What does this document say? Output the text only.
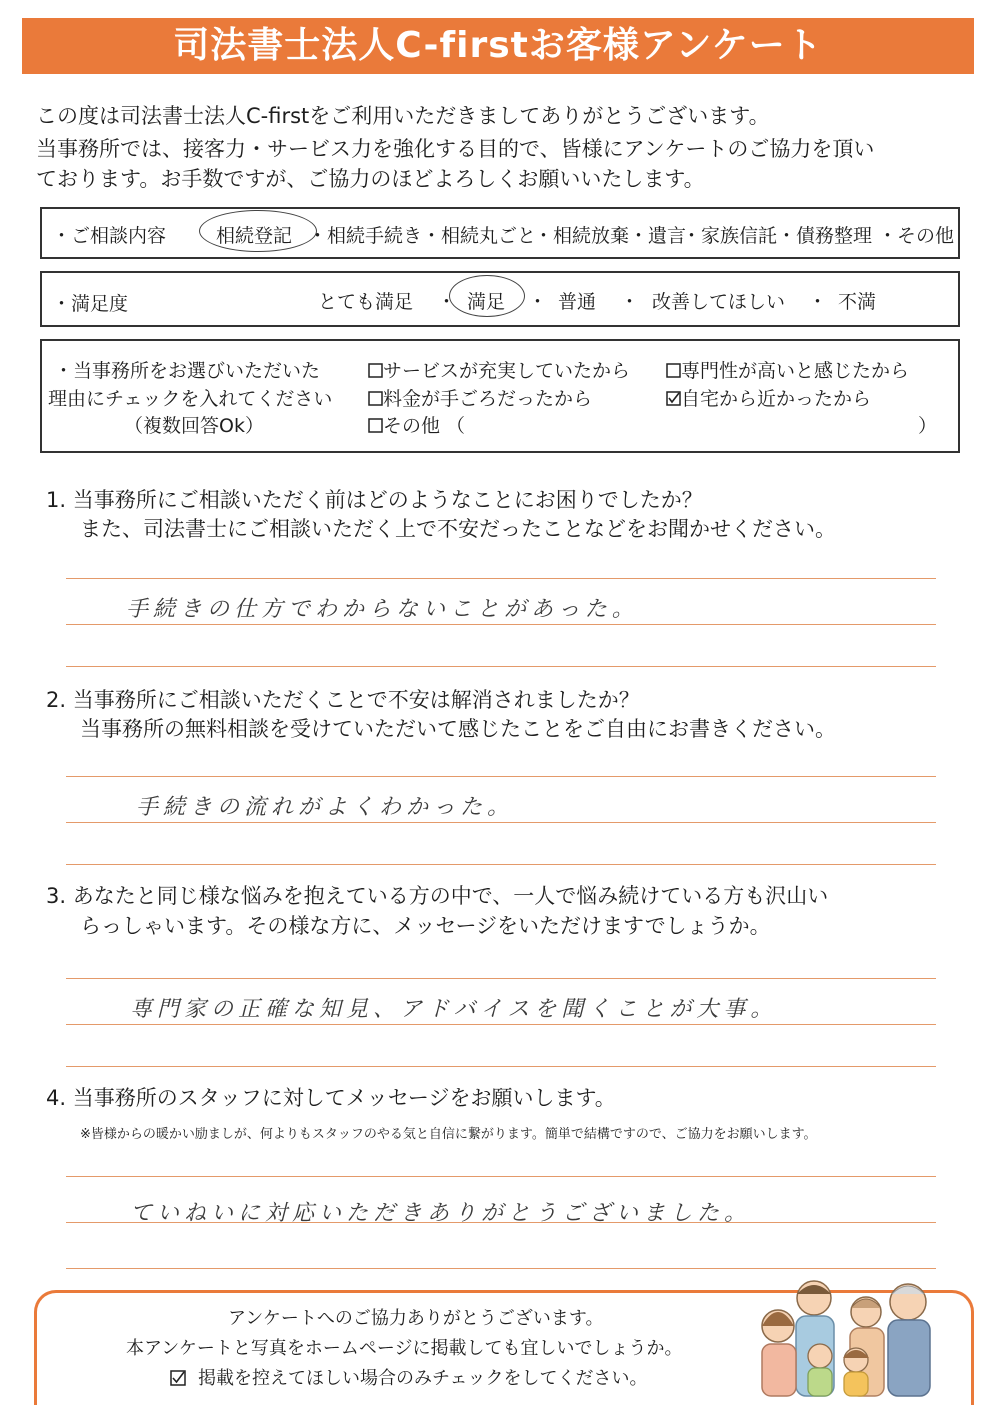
司法書士法人C-firstお客様アンケート
この度は司法書士法人C-firstをご利用いただきましてありがとうございます。
当事務所では、接客力・サービス力を強化する目的で、皆様にアンケートのご協力を頂い
ております。お手数ですが、ご協力のほどよろしくお願いいたします。
・ご相談内容	相続登記 ・相続手続き ・相続丸ごと
・相続放棄 ・遺言
・家族信託 ・債務整理 ・その他
・満足度	とても満足 ・ 満足 ・ 普通 ・ 改善してほしい ・ 不満
・当事務所をお選びいただいた
理由にチェックを入れてください
（複数回答Ok）
サービスが充実していたから	専門性が高いと感じたから
料金が手ごろだったから	自宅から近かったから
その他 （	）
1. 当事務所にご相談いただく前はどのようなことにお困りでしたか？
また、司法書士にご相談いただく上で不安だったことなどをお聞かせください。
手続きの仕方でわからないことがあった。
2. 当事務所にご相談いただくことで不安は解消されましたか？
当事務所の無料相談を受けていただいて感じたことをご自由にお書きください。
手続きの流れがよくわかった。
3. あなたと同じ様な悩みを抱えている方の中で、一人で悩み続けている方も沢山い
らっしゃいます。その様な方に、メッセージをいただけますでしょうか。
専門家の正確な知見、アドバイスを聞くことが大事。
4. 当事務所のスタッフに対してメッセージをお願いします。
※皆様からの暖かい励ましが、何よりもスタッフのやる気と自信に繋がります。簡単で結構ですので、ご協力をお願いします。
ていねいに対応いただきありがとうございました。
アンケートへのご協力ありがとうございます。
本アンケートと写真をホームページに掲載しても宜しいでしょうか。
掲載を控えてほしい場合のみチェックをしてください。
